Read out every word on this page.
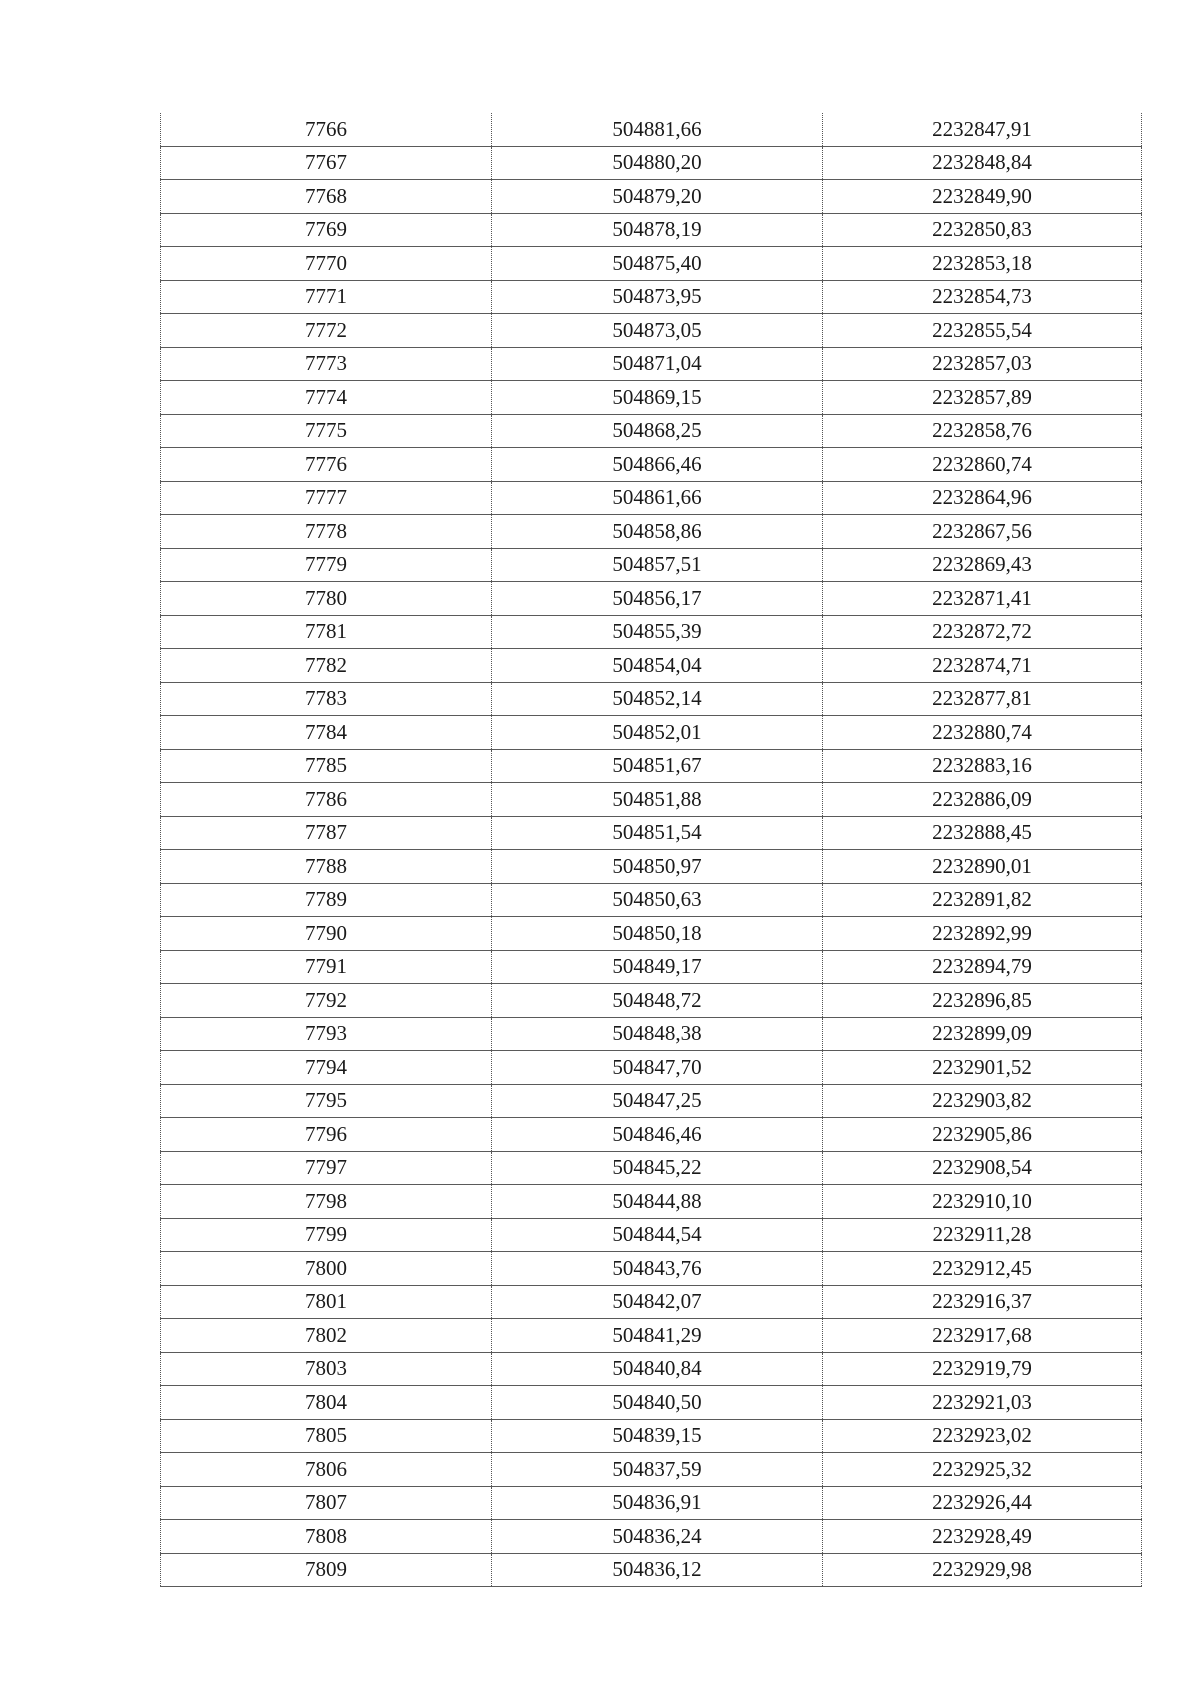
7766	504881,66	2232847,91
7767	504880,20	2232848,84
7768	504879,20	2232849,90
7769	504878,19	2232850,83
7770	504875,40	2232853,18
7771	504873,95	2232854,73
7772	504873,05	2232855,54
7773	504871,04	2232857,03
7774	504869,15	2232857,89
7775	504868,25	2232858,76
7776	504866,46	2232860,74
7777	504861,66	2232864,96
7778	504858,86	2232867,56
7779	504857,51	2232869,43
7780	504856,17	2232871,41
7781	504855,39	2232872,72
7782	504854,04	2232874,71
7783	504852,14	2232877,81
7784	504852,01	2232880,74
7785	504851,67	2232883,16
7786	504851,88	2232886,09
7787	504851,54	2232888,45
7788	504850,97	2232890,01
7789	504850,63	2232891,82
7790	504850,18	2232892,99
7791	504849,17	2232894,79
7792	504848,72	2232896,85
7793	504848,38	2232899,09
7794	504847,70	2232901,52
7795	504847,25	2232903,82
7796	504846,46	2232905,86
7797	504845,22	2232908,54
7798	504844,88	2232910,10
7799	504844,54	2232911,28
7800	504843,76	2232912,45
7801	504842,07	2232916,37
7802	504841,29	2232917,68
7803	504840,84	2232919,79
7804	504840,50	2232921,03
7805	504839,15	2232923,02
7806	504837,59	2232925,32
7807	504836,91	2232926,44
7808	504836,24	2232928,49
7809	504836,12	2232929,98
